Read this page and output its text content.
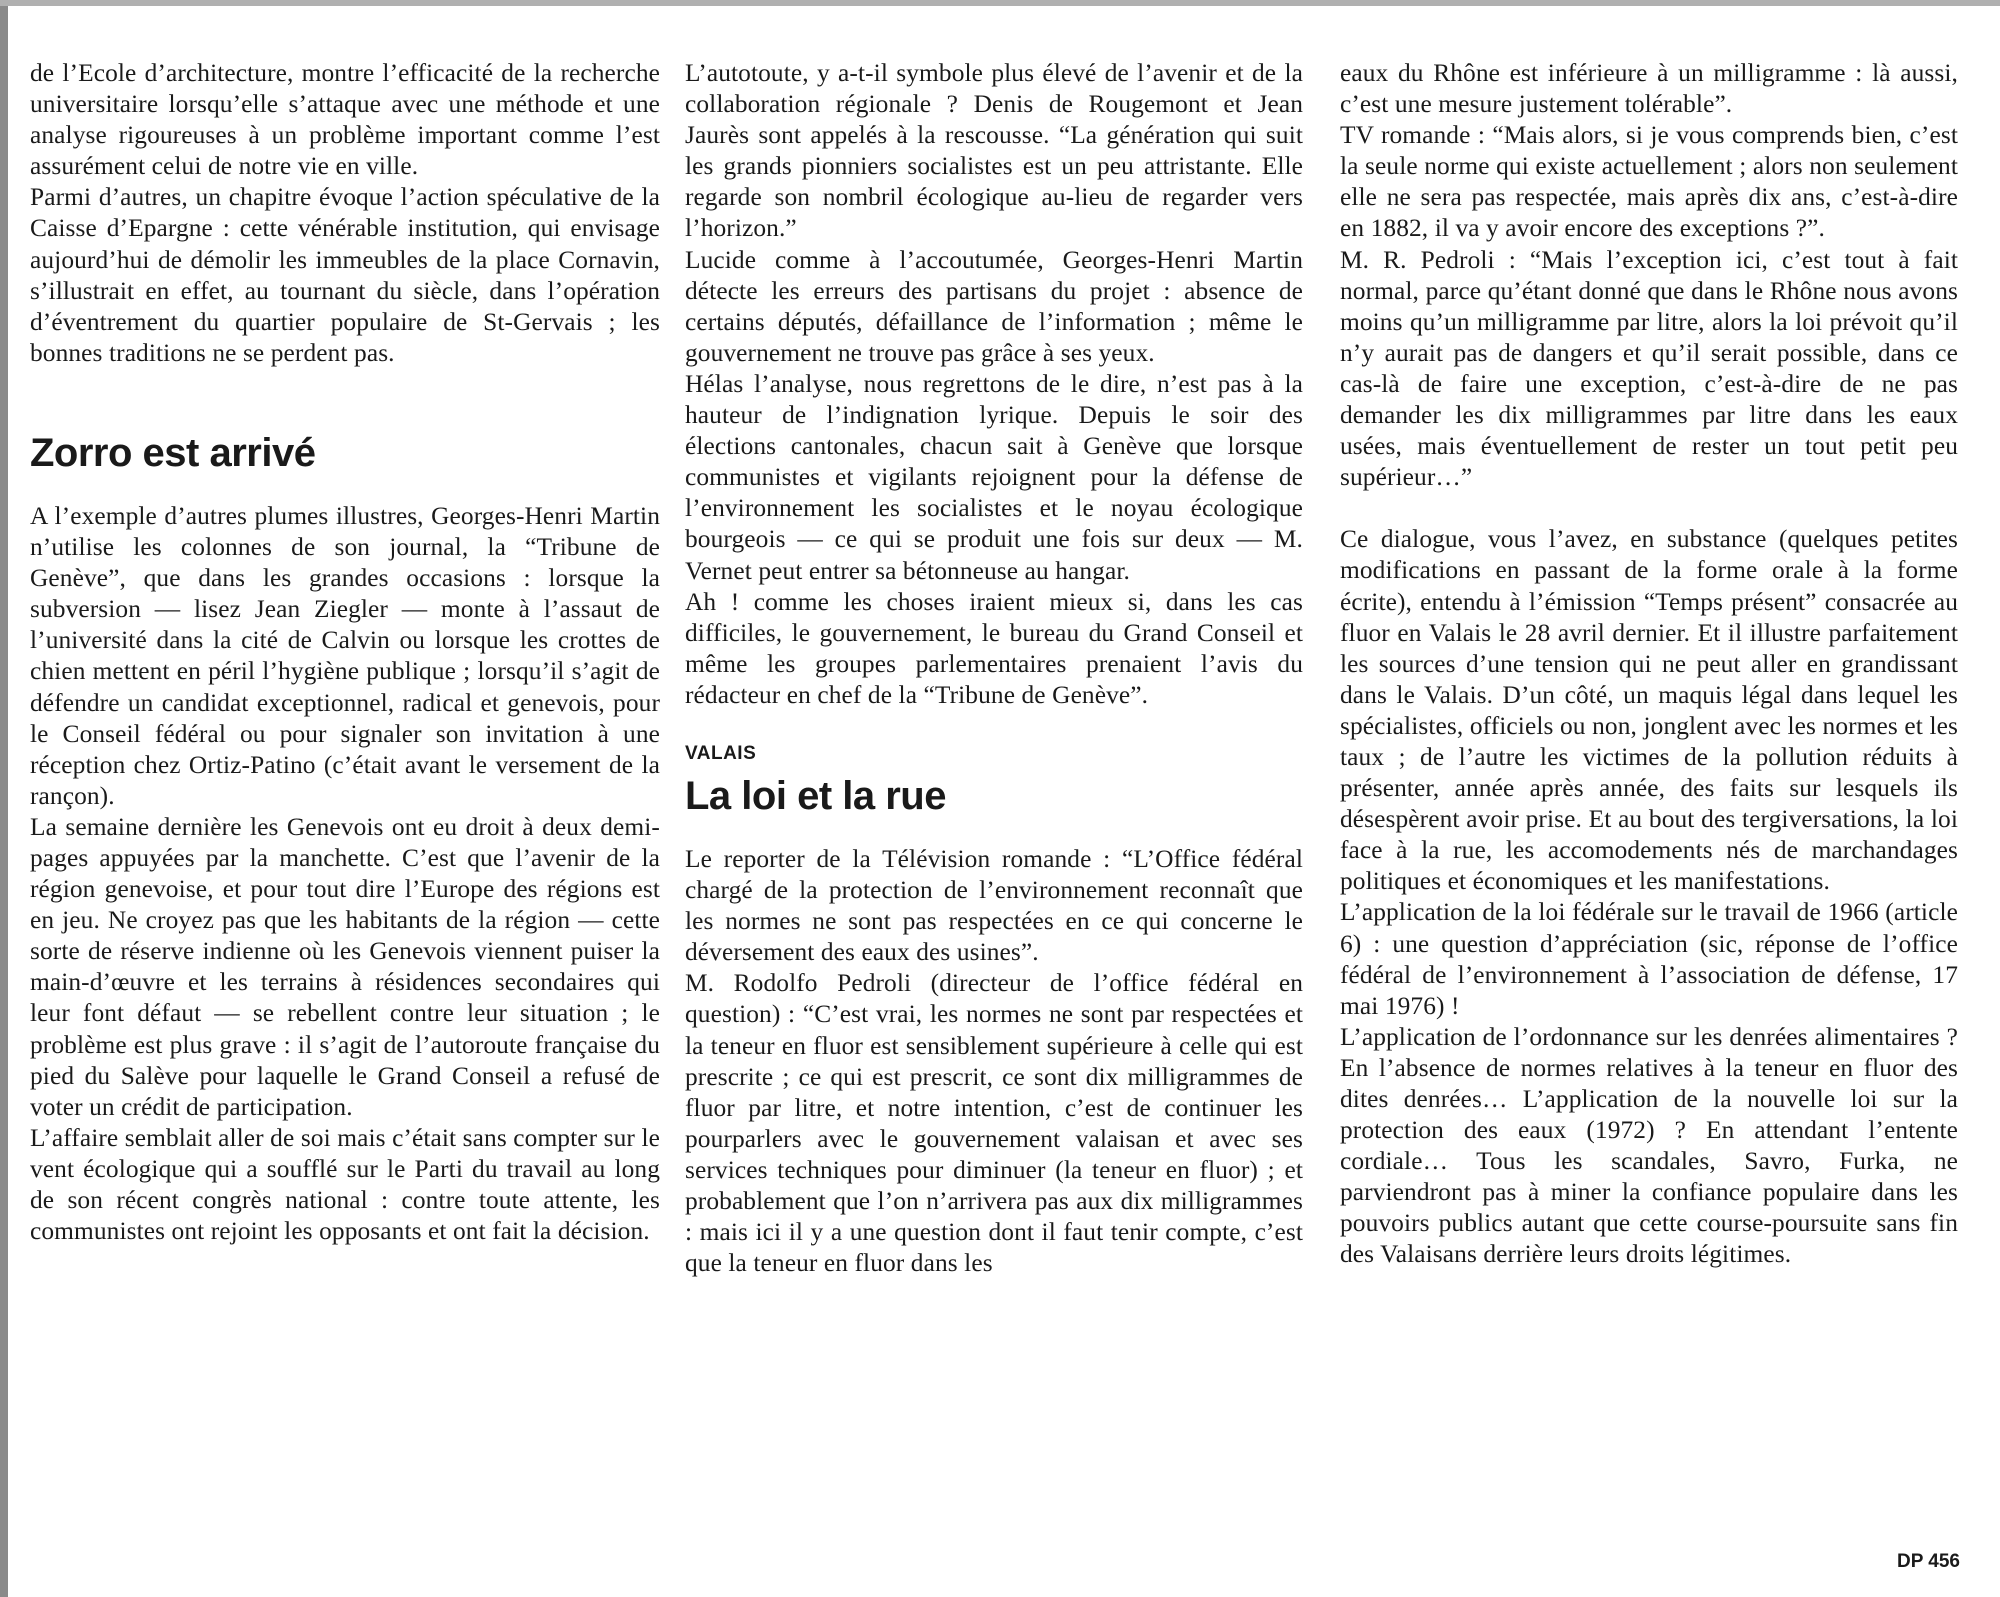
de l’Ecole d’architecture, montre l’efficacité de la recherche universitaire lorsqu’elle s’attaque avec une méthode et une analyse rigoureuses à un problème important comme l’est assurément celui de notre vie en ville.

Parmi d’autres, un chapitre évoque l’action spéculative de la Caisse d’Epargne : cette vénérable institution, qui envisage aujourd’hui de démolir les immeubles de la place Cornavin, s’illustrait en effet, au tournant du siècle, dans l’opération d’éventrement du quartier populaire de St-Gervais ; les bonnes traditions ne se perdent pas.

Zorro est arrivé

A l’exemple d’autres plumes illustres, Georges-Henri Martin n’utilise les colonnes de son journal, la “Tribune de Genève”, que dans les grandes occasions : lorsque la subversion — lisez Jean Ziegler — monte à l’assaut de l’université dans la cité de Calvin ou lorsque les crottes de chien mettent en péril l’hygiène publique ; lorsqu’il s’agit de défendre un candidat exceptionnel, radical et genevois, pour le Conseil fédéral ou pour signaler son invitation à une réception chez Ortiz-Patino (c’était avant le versement de la rançon).

La semaine dernière les Genevois ont eu droit à deux demi-pages appuyées par la manchette. C’est que l’avenir de la région genevoise, et pour tout dire l’Europe des régions est en jeu. Ne croyez pas que les habitants de la région — cette sorte de réserve indienne où les Genevois viennent puiser la main-d’œuvre et les terrains à résidences secondaires qui leur font défaut — se rebellent contre leur situation ; le problème est plus grave : il s’agit de l’autoroute française du pied du Salève pour laquelle le Grand Conseil a refusé de voter un crédit de participation.

L’affaire semblait aller de soi mais c’était sans compter sur le vent écologique qui a soufflé sur le Parti du travail au long de son récent congrès national : contre toute attente, les communistes ont rejoint les opposants et ont fait la décision.

L’autotoute, y a-t-il symbole plus élevé de l’avenir et de la collaboration régionale ? Denis de Rougemont et Jean Jaurès sont appelés à la rescousse. “La génération qui suit les grands pionniers socialistes est un peu attristante. Elle regarde son nombril écologique au-lieu de regarder vers l’horizon.”

Lucide comme à l’accoutumée, Georges-Henri Martin détecte les erreurs des partisans du projet : absence de certains députés, défaillance de l’information ; même le gouvernement ne trouve pas grâce à ses yeux.

Hélas l’analyse, nous regrettons de le dire, n’est pas à la hauteur de l’indignation lyrique. Depuis le soir des élections cantonales, chacun sait à Genève que lorsque communistes et vigilants rejoignent pour la défense de l’environnement les socialistes et le noyau écologique bourgeois — ce qui se produit une fois sur deux — M. Vernet peut entrer sa bétonneuse au hangar.

Ah ! comme les choses iraient mieux si, dans les cas difficiles, le gouvernement, le bureau du Grand Conseil et même les groupes parlementaires prenaient l’avis du rédacteur en chef de la “Tribune de Genève”.

VALAIS
La loi et la rue

Le reporter de la Télévision romande : “L’Office fédéral chargé de la protection de l’environnement reconnaît que les normes ne sont pas respectées en ce qui concerne le déversement des eaux des usines”.

M. Rodolfo Pedroli (directeur de l’office fédéral en question) : “C’est vrai, les normes ne sont par respectées et la teneur en fluor est sensiblement supérieure à celle qui est prescrite ; ce qui est prescrit, ce sont dix milligrammes de fluor par litre, et notre intention, c’est de continuer les pourparlers avec le gouvernement valaisan et avec ses services techniques pour diminuer (la teneur en fluor) ; et probablement que l’on n’arrivera pas aux dix milligrammes : mais ici il y a une question dont il faut tenir compte, c’est que la teneur en fluor dans les

eaux du Rhône est inférieure à un milligramme : là aussi, c’est une mesure justement tolérable”.

TV romande : “Mais alors, si je vous comprends bien, c’est la seule norme qui existe actuellement ; alors non seulement elle ne sera pas respectée, mais après dix ans, c’est-à-dire en 1882, il va y avoir encore des exceptions ?”.

M. R. Pedroli : “Mais l’exception ici, c’est tout à fait normal, parce qu’étant donné que dans le Rhône nous avons moins qu’un milligramme par litre, alors la loi prévoit qu’il n’y aurait pas de dangers et qu’il serait possible, dans ce cas-là de faire une exception, c’est-à-dire de ne pas demander les dix milligrammes par litre dans les eaux usées, mais éventuellement de rester un tout petit peu supérieur…”

Ce dialogue, vous l’avez, en substance (quelques petites modifications en passant de la forme orale à la forme écrite), entendu à l’émission “Temps présent” consacrée au fluor en Valais le 28 avril dernier. Et il illustre parfaitement les sources d’une tension qui ne peut aller en grandissant dans le Valais. D’un côté, un maquis légal dans lequel les spécialistes, officiels ou non, jonglent avec les normes et les taux ; de l’autre les victimes de la pollution réduits à présenter, année après année, des faits sur lesquels ils désespèrent avoir prise. Et au bout des tergiversations, la loi face à la rue, les accomodements nés de marchandages politiques et économiques et les manifestations.

L’application de la loi fédérale sur le travail de 1966 (article 6) : une question d’appréciation (sic, réponse de l’office fédéral de l’environnement à l’association de défense, 17 mai 1976) !

L’application de l’ordonnance sur les denrées alimentaires ? En l’absence de normes relatives à la teneur en fluor des dites denrées… L’application de la nouvelle loi sur la protection des eaux (1972) ? En attendant l’entente cordiale… Tous les scandales, Savro, Furka, ne parviendront pas à miner la confiance populaire dans les pouvoirs publics autant que cette course-poursuite sans fin des Valaisans derrière leurs droits légitimes.

DP 456
